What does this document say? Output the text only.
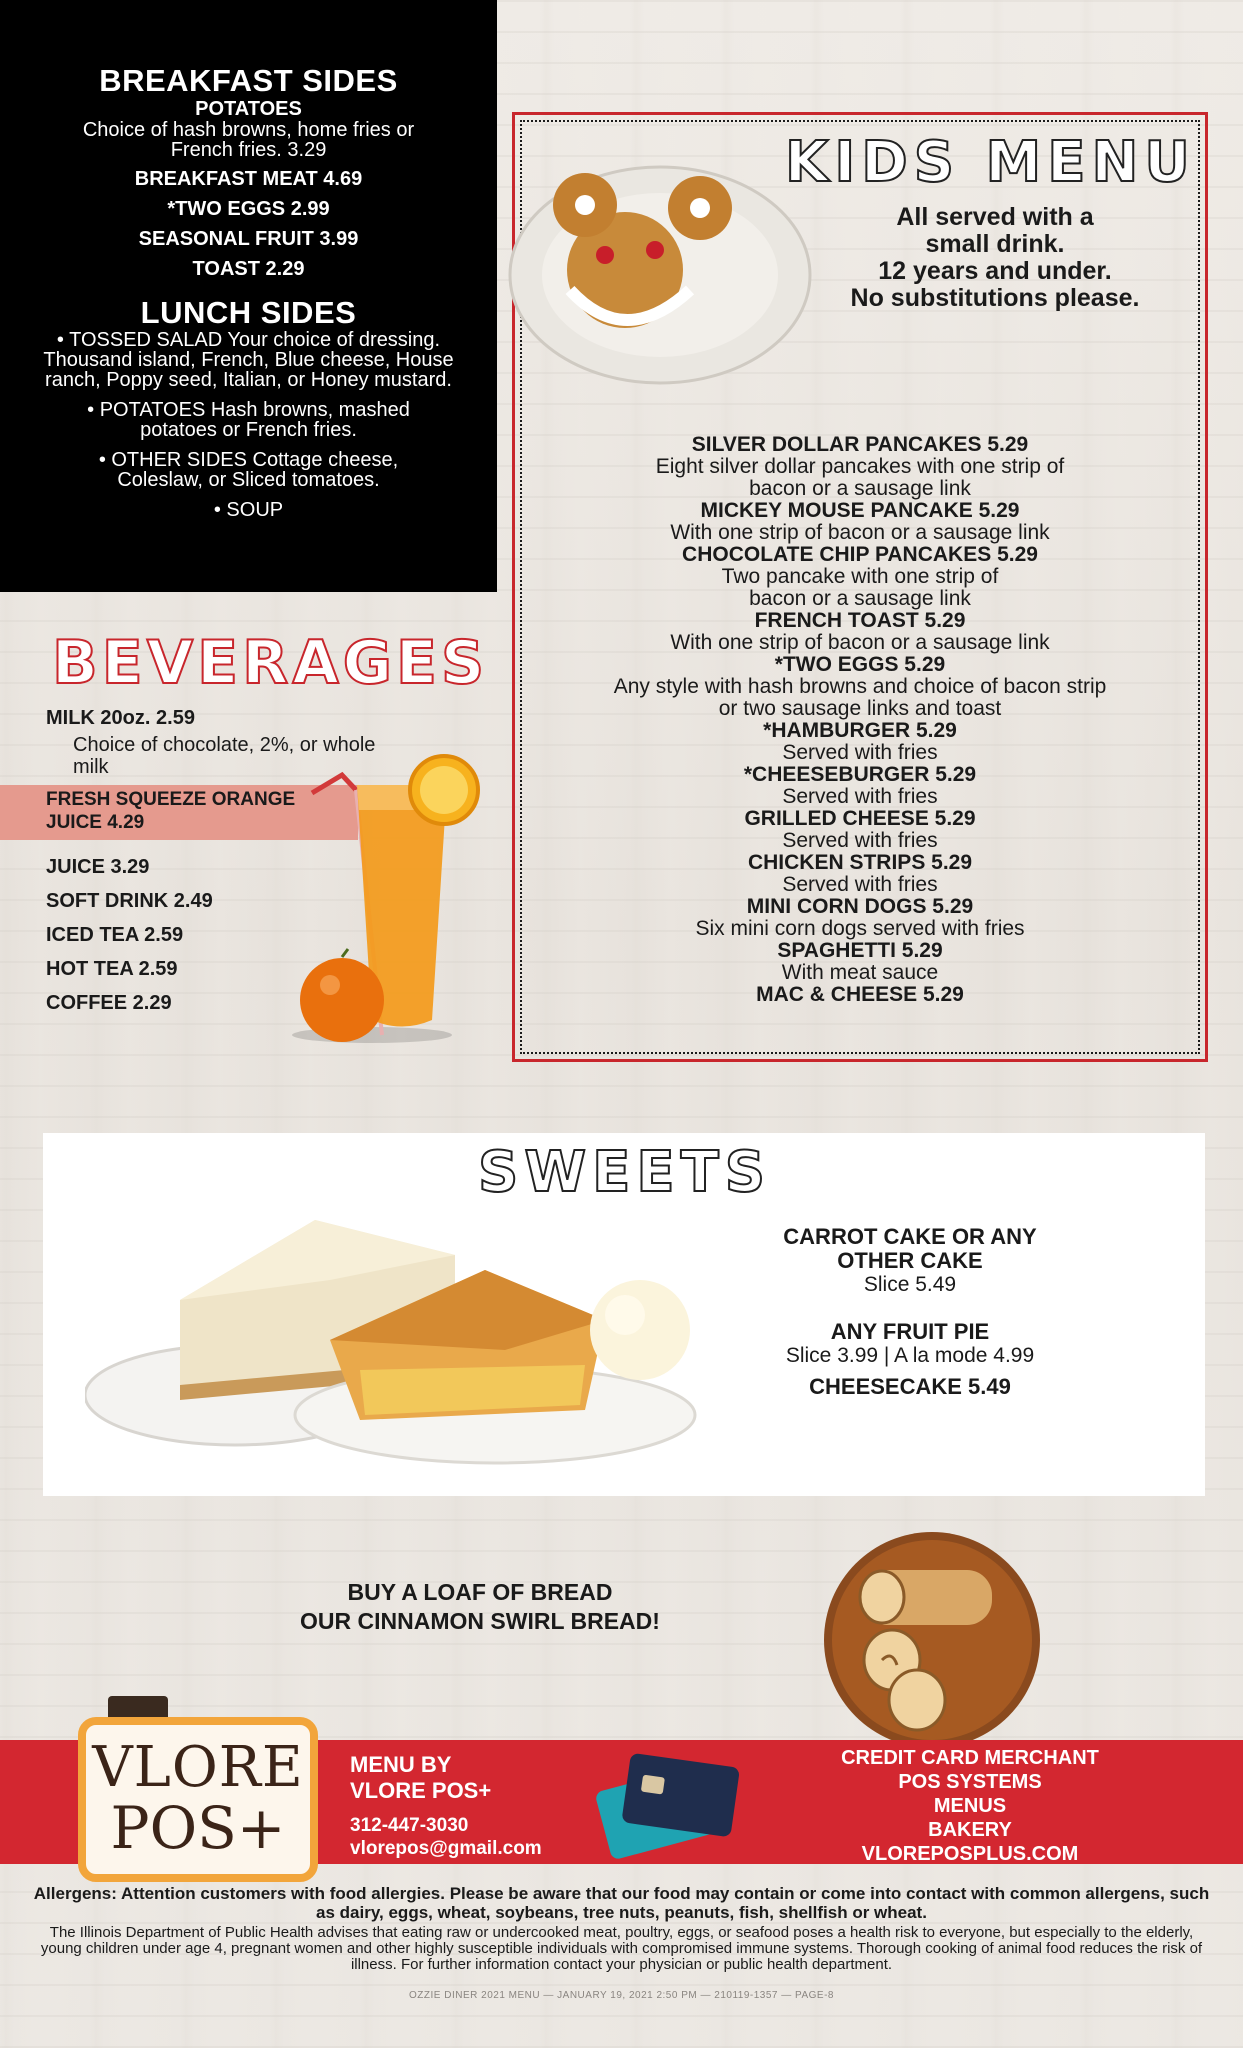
BREAKFAST SIDES
POTATOES
Choice of hash browns, home fries or French fries. 3.29
BREAKFAST MEAT 4.69
*TWO EGGS 2.99
SEASONAL FRUIT 3.99
TOAST 2.29
LUNCH SIDES
• TOSSED SALAD Your choice of dressing. Thousand island, French, Blue cheese, House ranch, Poppy seed, Italian, or Honey mustard.
• POTATOES Hash browns, mashed potatoes or French fries.
• OTHER SIDES Cottage cheese, Coleslaw, or Sliced tomatoes.
• SOUP
BEVERAGES
MILK 20oz. 2.59
Choice of chocolate, 2%, or whole milk
JUICE 3.29
SOFT DRINK 2.49
ICED TEA 2.59
HOT TEA 2.59
COFFEE 2.29
FRESH SQUEEZE ORANGE JUICE 4.29
KIDS MENU
All served with a
small drink.
12 years and under.
No substitutions please.
SILVER DOLLAR PANCAKES 5.29
Eight silver dollar pancakes with one strip of bacon or a sausage link
MICKEY MOUSE PANCAKE 5.29
With one strip of bacon or a sausage link
CHOCOLATE CHIP PANCAKES 5.29
Two pancake with one strip of bacon or a sausage link
FRENCH TOAST 5.29
With one strip of bacon or a sausage link
*TWO EGGS 5.29
Any style with hash browns and choice of bacon strip or two sausage links and toast
*HAMBURGER 5.29
Served with fries
*CHEESEBURGER 5.29
Served with fries
GRILLED CHEESE 5.29
Served with fries
CHICKEN STRIPS 5.29
Served with fries
MINI CORN DOGS 5.29
Six mini corn dogs served with fries
SPAGHETTI 5.29
With meat sauce
MAC & CHEESE 5.29
SWEETS
CARROT CAKE OR ANY OTHER CAKE
Slice 5.49
ANY FRUIT PIE
Slice 3.99 | A la mode 4.99
CHEESECAKE 5.49
BUY A LOAF OF BREAD
OUR CINNAMON SWIRL BREAD!
VLORE
POS+
MENU BY
VLORE POS+
312-447-3030
vlorepos@gmail.com
CREDIT CARD MERCHANT
POS SYSTEMS
MENUS
BAKERY
VLOREPOSPLUS.COM
Allergens: Attention customers with food allergies. Please be aware that our food may contain or come into contact with common allergens, such as dairy, eggs, wheat, soybeans, tree nuts, peanuts, fish, shellfish or wheat.
The Illinois Department of Public Health advises that eating raw or undercooked meat, poultry, eggs, or seafood poses a health risk to everyone, but especially to the elderly, young children under age 4, pregnant women and other highly susceptible individuals with compromised immune systems. Thorough cooking of animal food reduces the risk of illness. For further information contact your physician or public health department.
OZZIE DINER 2021 MENU — JANUARY 19, 2021 2:50 PM — 210119-1357 — PAGE-8
